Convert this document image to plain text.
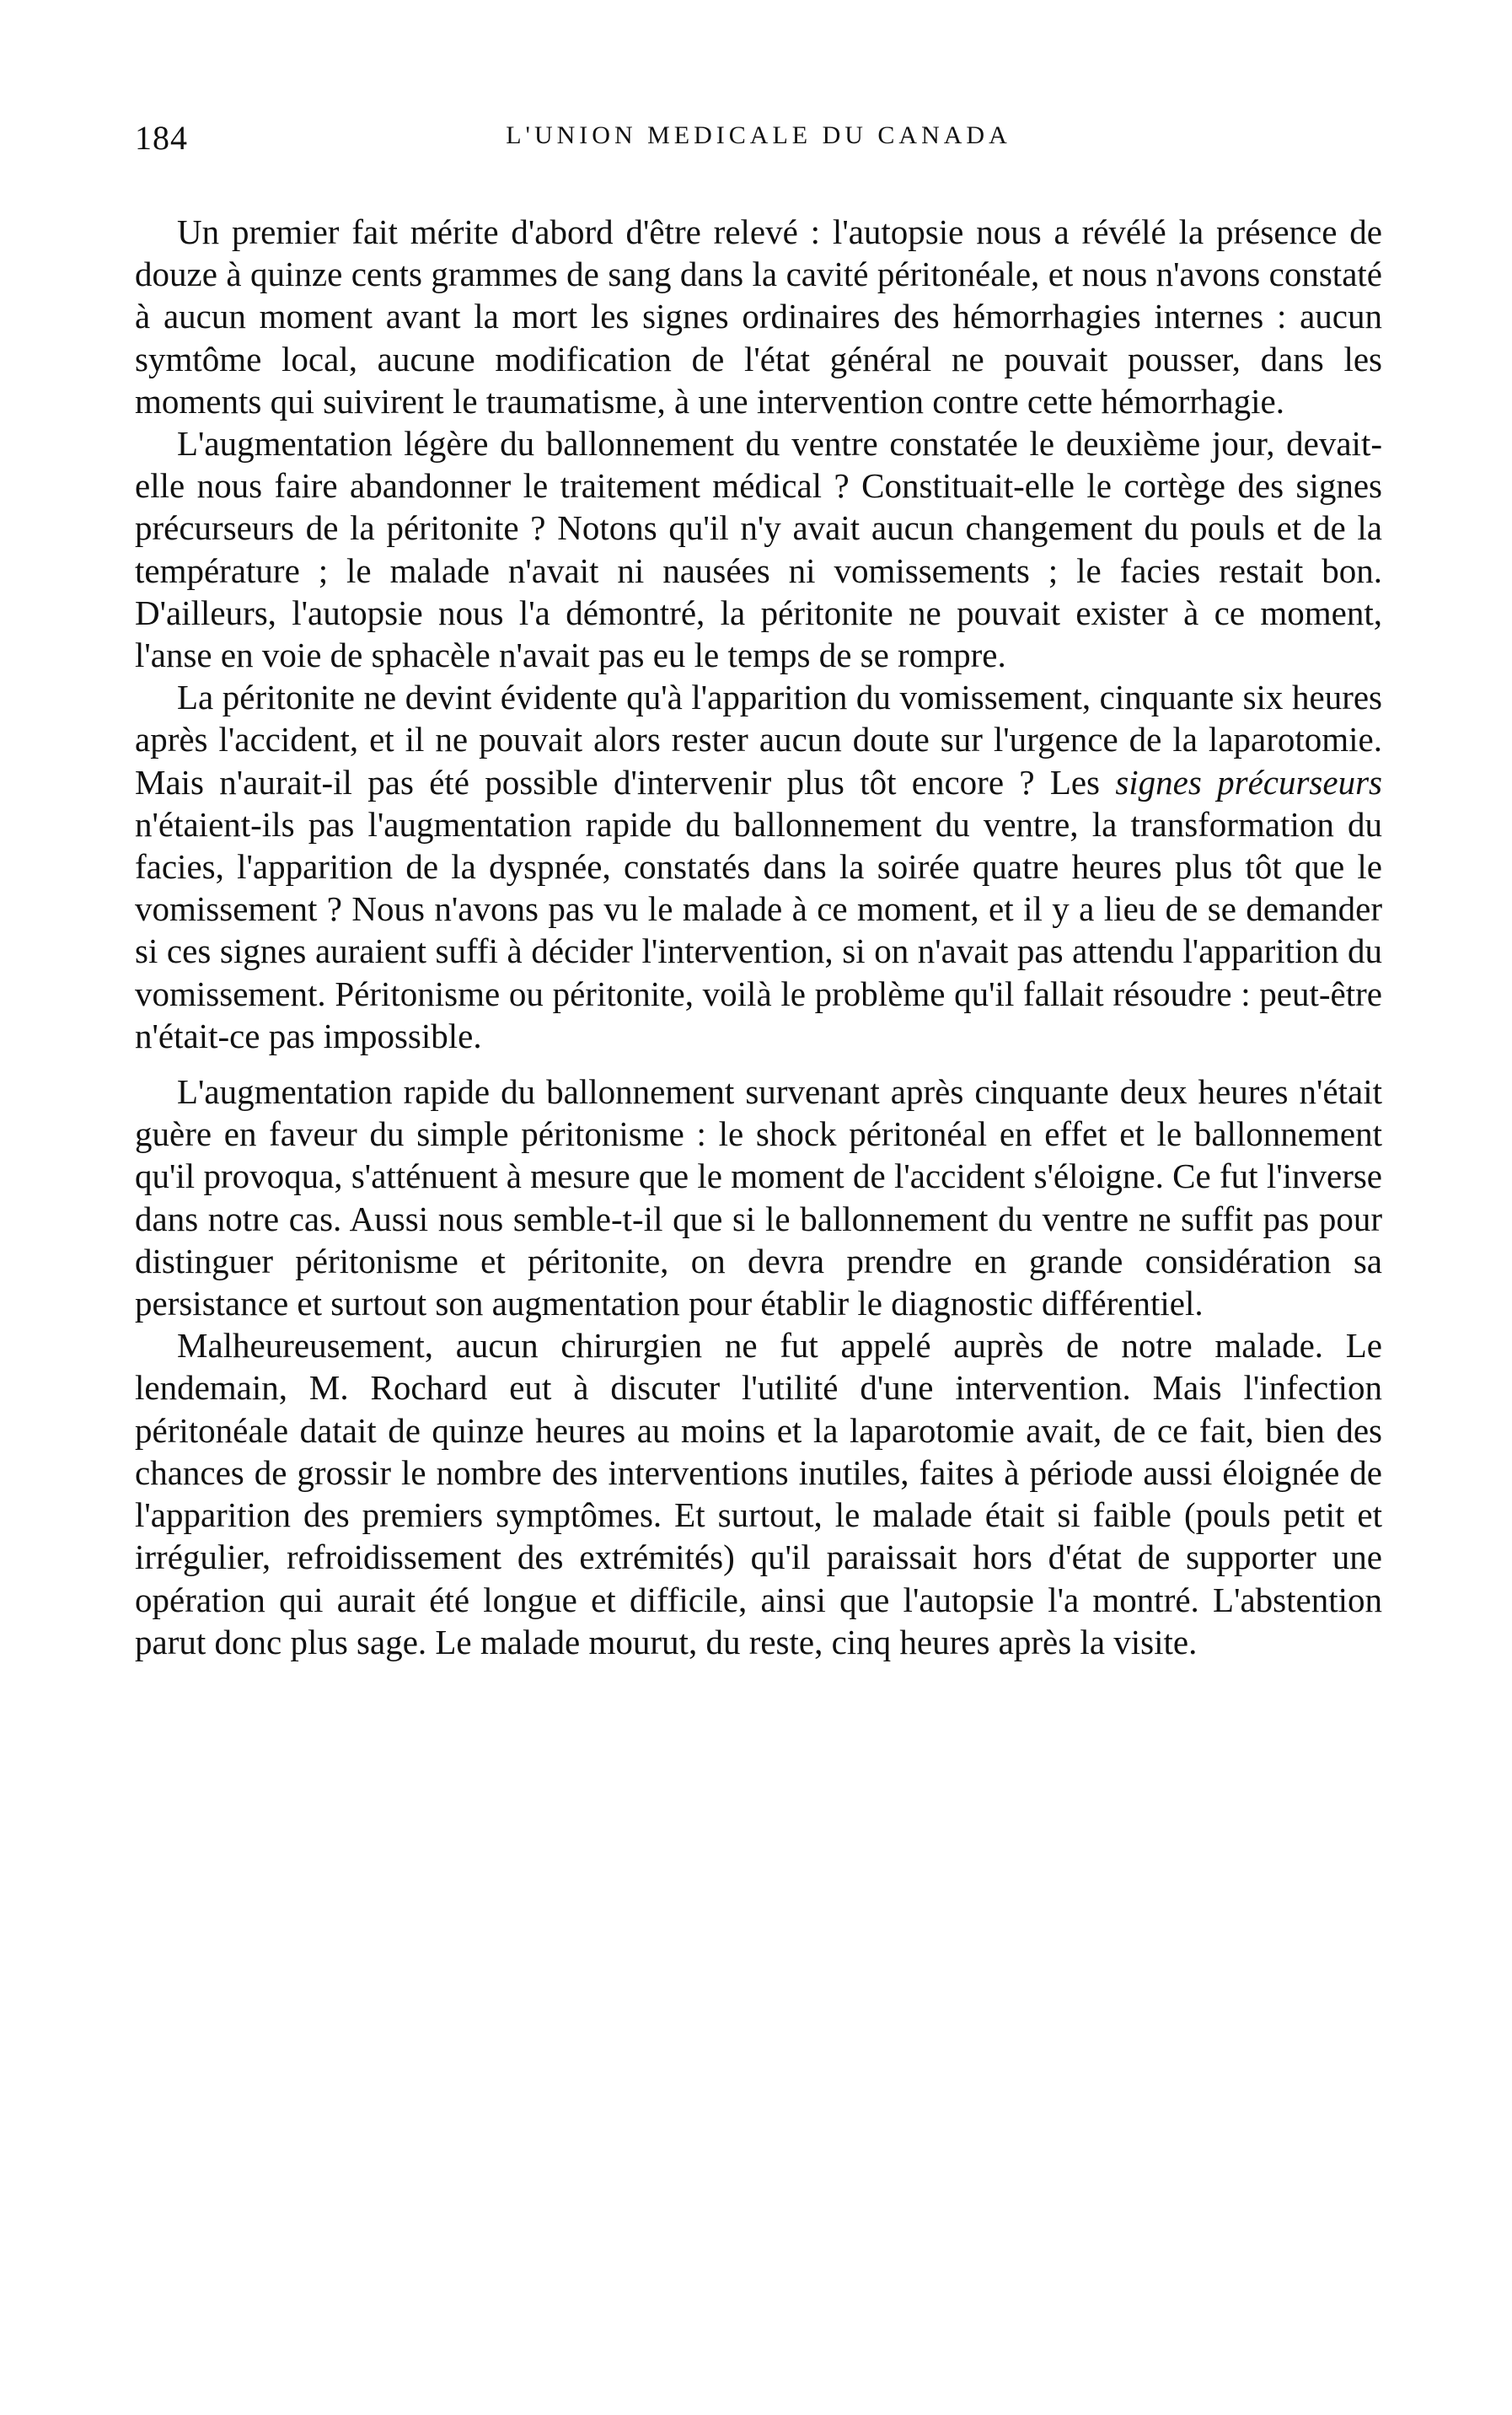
184	L'UNION MEDICALE DU CANADA

Un premier fait mérite d'abord d'être relevé : l'autopsie nous a révélé la présence de douze à quinze cents grammes de sang dans la cavité péritonéale, et nous n'avons constaté à aucun moment avant la mort les signes ordinaires des hémorrhagies internes : aucun symtôme local, aucune modification de l'état général ne pouvait pousser, dans les moments qui suivirent le traumatisme, à une intervention contre cette hémorrhagie.

L'augmentation légère du ballonnement du ventre constatée le deuxième jour, devait-elle nous faire abandonner le traitement médical ? Constituait-elle le cortège des signes précurseurs de la péritonite ? Notons qu'il n'y avait aucun changement du pouls et de la température ; le malade n'avait ni nausées ni vomissements ; le facies restait bon. D'ailleurs, l'autopsie nous l'a démontré, la péritonite ne pouvait exister à ce moment, l'anse en voie de sphacèle n'avait pas eu le temps de se rompre.

La péritonite ne devint évidente qu'à l'apparition du vomissement, cinquante six heures après l'accident, et il ne pouvait alors rester aucun doute sur l'urgence de la laparotomie. Mais n'aurait-il pas été possible d'intervenir plus tôt encore ? Les signes précurseurs n'étaient-ils pas l'augmentation rapide du ballonnement du ventre, la transformation du facies, l'apparition de la dyspnée, constatés dans la soirée quatre heures plus tôt que le vomissement ? Nous n'avons pas vu le malade à ce moment, et il y a lieu de se demander si ces signes auraient suffi à décider l'intervention, si on n'avait pas attendu l'apparition du vomissement. Péritonisme ou péritonite, voilà le problème qu'il fallait résoudre : peut-être n'était-ce pas impossible.

L'augmentation rapide du ballonnement survenant après cinquante deux heures n'était guère en faveur du simple péritonisme : le shock péritonéal en effet et le ballonnement qu'il provoqua, s'atténuent à mesure que le moment de l'accident s'éloigne. Ce fut l'inverse dans notre cas. Aussi nous semble-t-il que si le ballonnement du ventre ne suffit pas pour distinguer péritonisme et péritonite, on devra prendre en grande considération sa persistance et surtout son augmentation pour établir le diagnostic différentiel.

Malheureusement, aucun chirurgien ne fut appelé auprès de notre malade. Le lendemain, M. Rochard eut à discuter l'utilité d'une intervention. Mais l'infection péritonéale datait de quinze heures au moins et la laparotomie avait, de ce fait, bien des chances de grossir le nombre des interventions inutiles, faites à période aussi éloignée de l'apparition des premiers symptômes. Et surtout, le malade était si faible (pouls petit et irrégulier, refroidissement des extrémités) qu'il paraissait hors d'état de supporter une opération qui aurait été longue et difficile, ainsi que l'autopsie l'a montré. L'abstention parut donc plus sage. Le malade mourut, du reste, cinq heures après la visite.
